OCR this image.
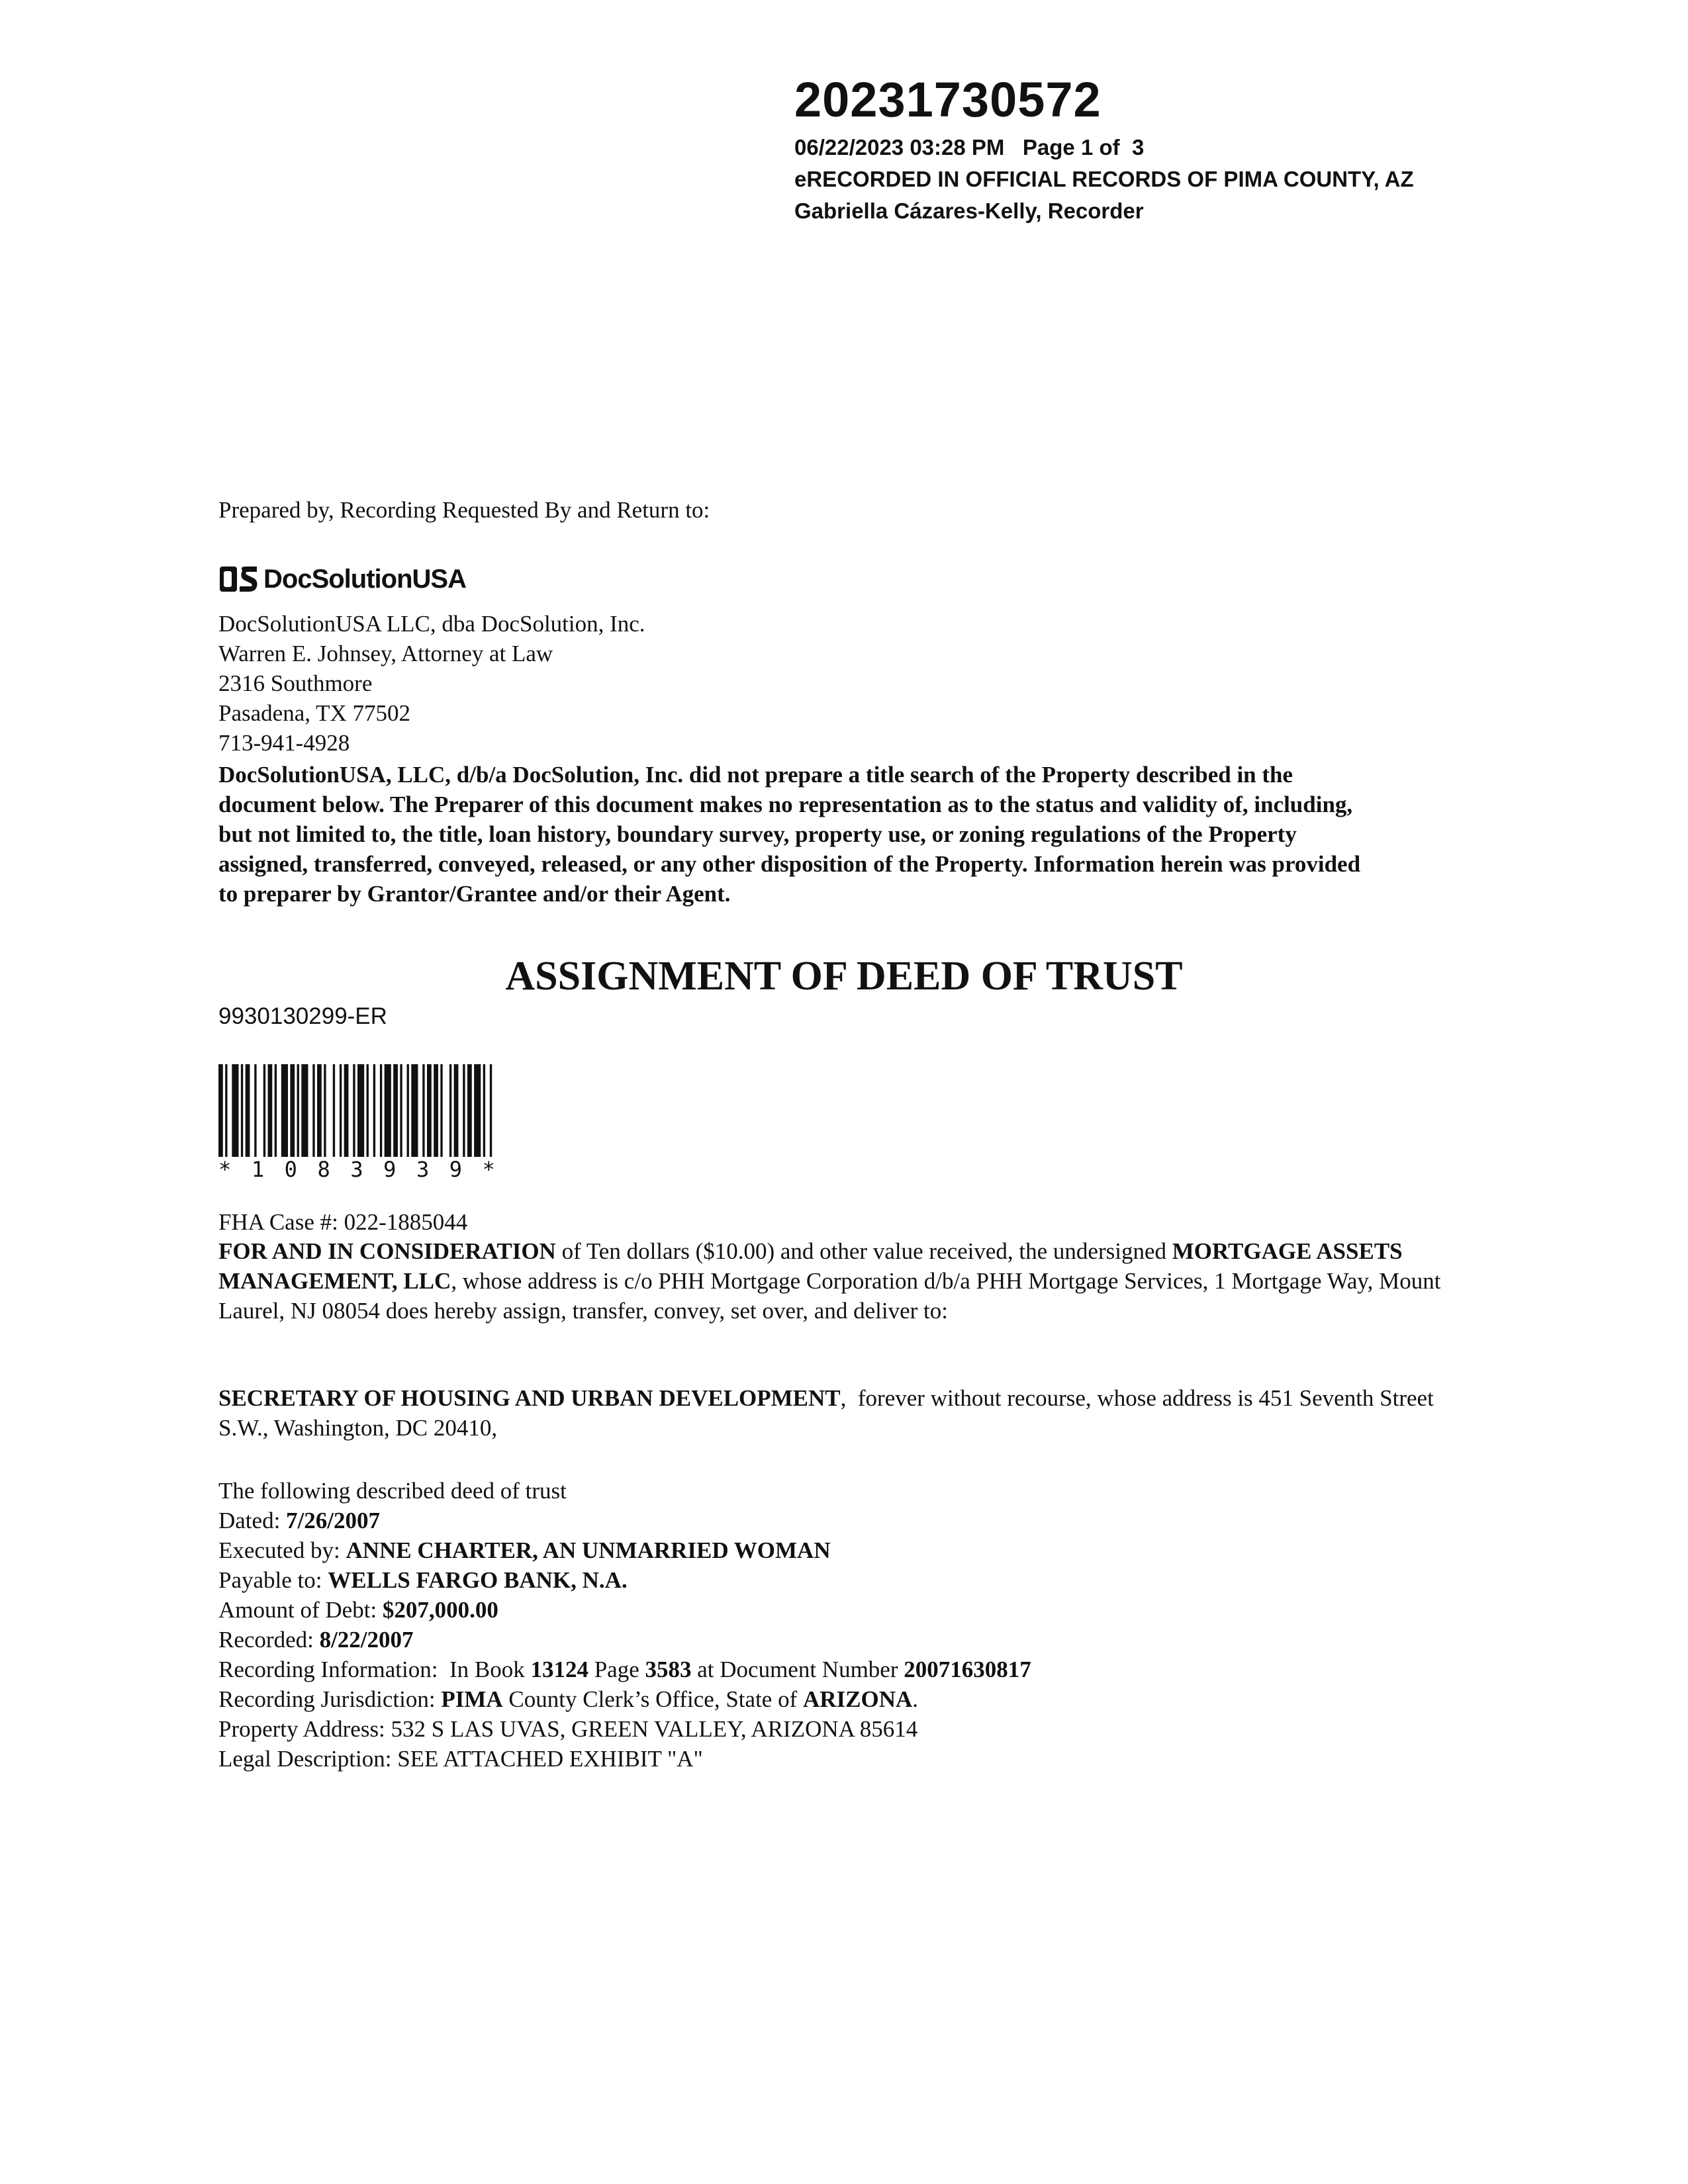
20231730572
06/22/2023 03:28 PM   Page 1 of  3
eRECORDED IN OFFICIAL RECORDS OF PIMA COUNTY, AZ
Gabriella Cázares-Kelly, Recorder
Prepared by, Recording Requested By and Return to:
DocSolutionUSA
DocSolutionUSA LLC, dba DocSolution, Inc.
Warren E. Johnsey, Attorney at Law
2316 Southmore
Pasadena, TX 77502
713-941-4928
DocSolutionUSA, LLC, d/b/a DocSolution, Inc. did not prepare a title search of the Property described in the
document below. The Preparer of this document makes no representation as to the status and validity of, including,
but not limited to, the title, loan history, boundary survey, property use, or zoning regulations of the Property
assigned, transferred, conveyed, released, or any other disposition of the Property. Information herein was provided
to preparer by Grantor/Grantee and/or their Agent.
ASSIGNMENT OF DEED OF TRUST
9930130299-ER
* 1 0 8 3 9 3 9 *
FHA Case #: 022-1885044
FOR AND IN CONSIDERATION of Ten dollars ($10.00) and other value received, the undersigned MORTGAGE ASSETS MANAGEMENT, LLC, whose address is c/o PHH Mortgage Corporation d/b/a PHH Mortgage Services, 1 Mortgage Way, Mount Laurel, NJ 08054 does hereby assign, transfer, convey, set over, and deliver to:
SECRETARY OF HOUSING AND URBAN DEVELOPMENT,  forever without recourse, whose address is 451 Seventh Street S.W., Washington, DC 20410,
The following described deed of trust
Dated: 7/26/2007
Executed by: ANNE CHARTER, AN UNMARRIED WOMAN
Payable to: WELLS FARGO BANK, N.A.
Amount of Debt: $207,000.00
Recorded: 8/22/2007
Recording Information:  In Book 13124 Page 3583 at Document Number 20071630817
Recording Jurisdiction: PIMA County Clerk’s Office, State of ARIZONA.
Property Address: 532 S LAS UVAS, GREEN VALLEY, ARIZONA 85614
Legal Description: SEE ATTACHED EXHIBIT "A"
